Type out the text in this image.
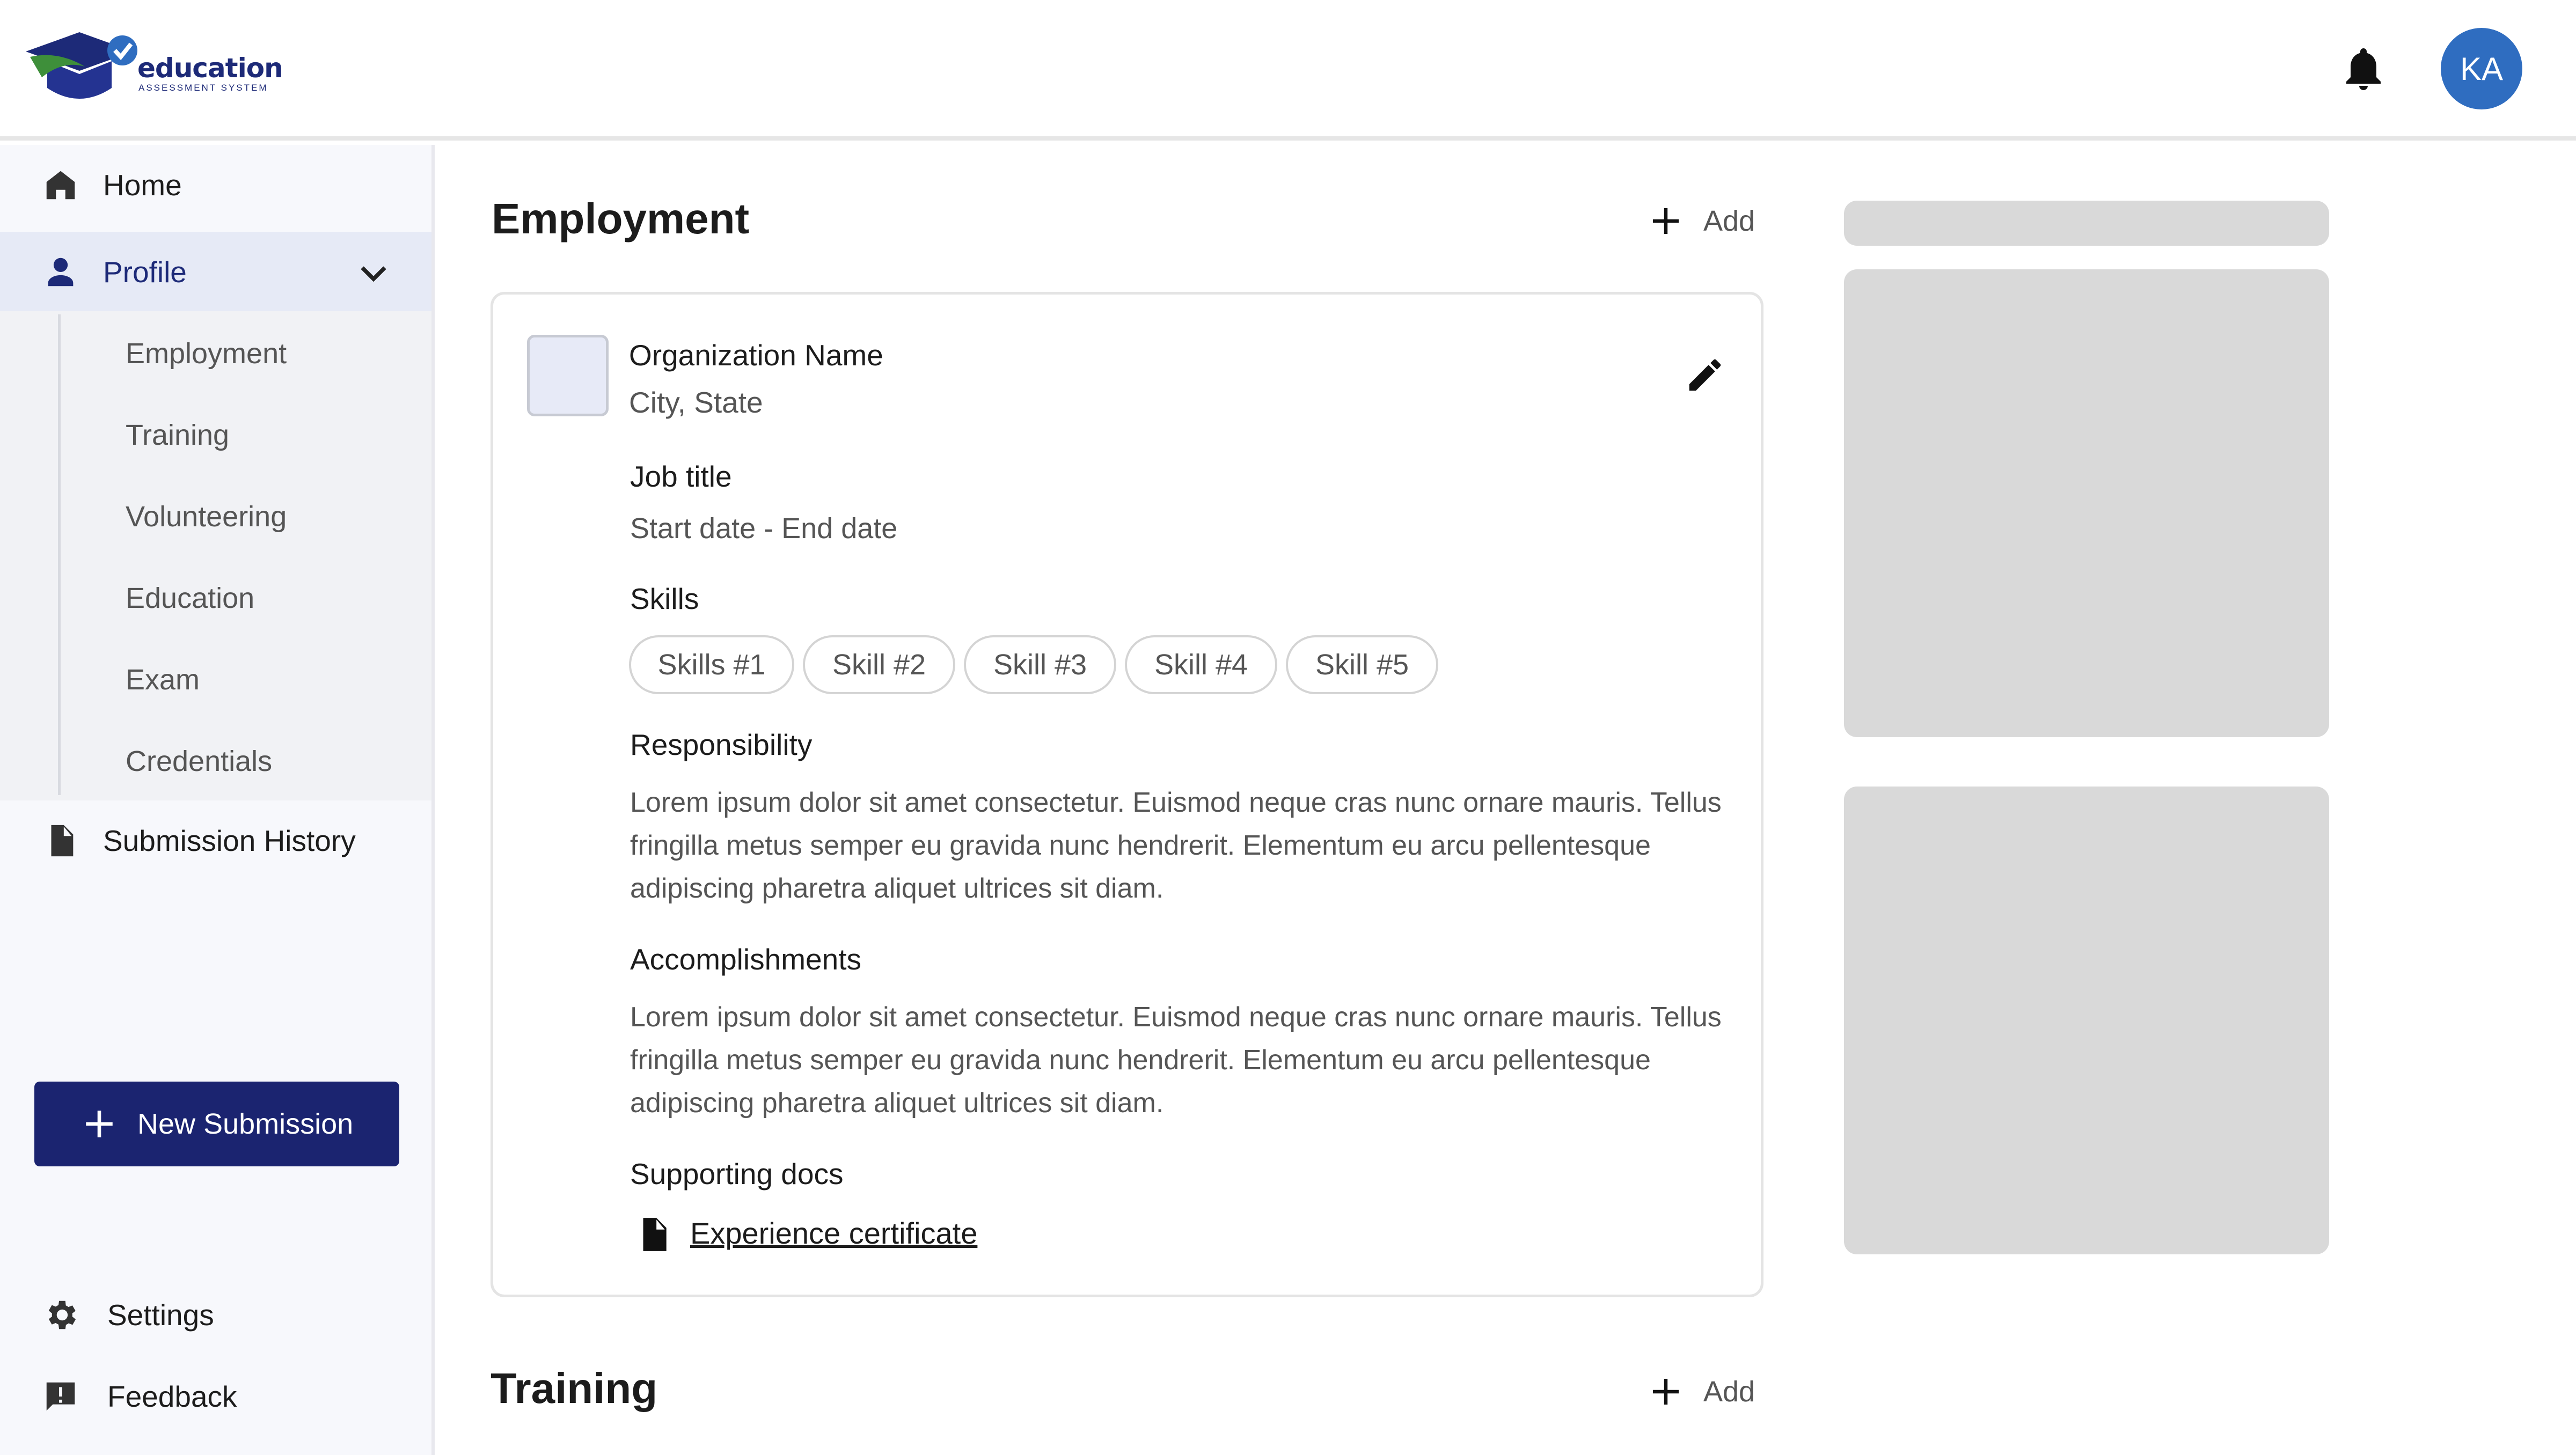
education
ASSESSMENT SYSTEM
KA
Home
Profile
Employment
Training
Volunteering
Education
Exam
Credentials
Submission History
New Submission
Settings
Feedback
Employment	Add
Organization Name
City, State
Job title
Start date - End date
Skills
Skills #1	Skill #2	Skill #3	Skill #4	Skill #5
Responsibility
Lorem ipsum dolor sit amet consectetur. Euismod neque cras nunc ornare mauris. Tellus fringilla metus semper eu gravida nunc hendrerit. Elementum eu arcu pellentesque adipiscing pharetra aliquet ultrices sit diam.
Accomplishments
Lorem ipsum dolor sit amet consectetur. Euismod neque cras nunc ornare mauris. Tellus fringilla metus semper eu gravida nunc hendrerit. Elementum eu arcu pellentesque adipiscing pharetra aliquet ultrices sit diam.
Supporting docs
Experience certificate
Training	Add
